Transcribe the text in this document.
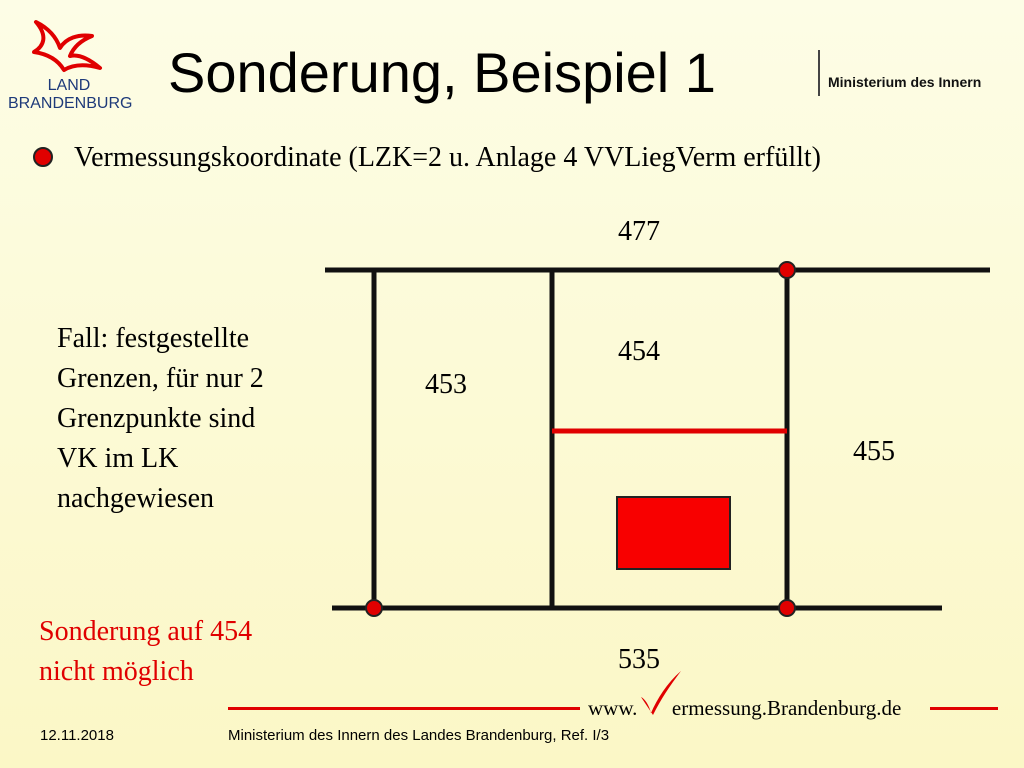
LAND
BRANDENBURG Sonderung, Beispiel 1	Ministerium des Innern
Vermessungskoordinate (LZK=2 u. Anlage 4 VVLiegVerm erfüllt)
477
454
453
455
535
Fall: festgestellte
Grenzen, für nur 2
Grenzpunkte sind
VK im LK
nachgewiesen
Sonderung auf 454
nicht möglich
www. ermessung.Brandenburg.de
12.11.2018	Ministerium des Innern des Landes Brandenburg, Ref. I/3
